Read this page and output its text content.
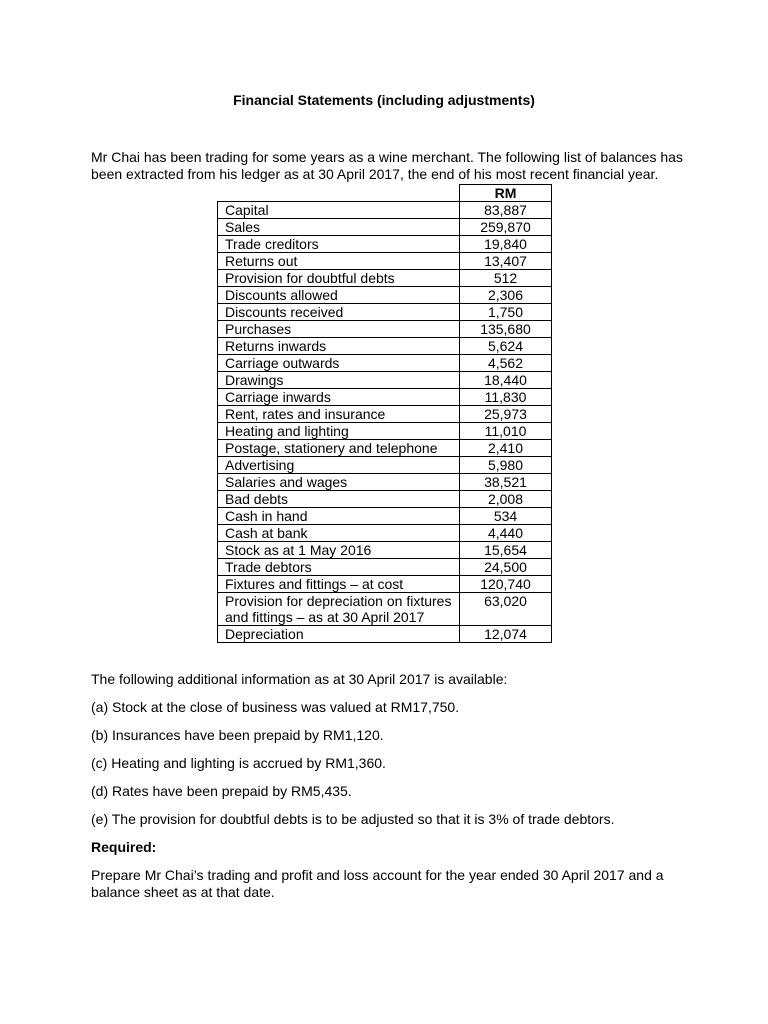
Financial Statements (including adjustments)

Mr Chai has been trading for some years as a wine merchant. The following list of balances has been extracted from his ledger as at 30 April 2017, the end of his most recent financial year.

	RM
Capital	83,887
Sales	259,870
Trade creditors	19,840
Returns out	13,407
Provision for doubtful debts	512
Discounts allowed	2,306
Discounts received	1,750
Purchases	135,680
Returns inwards	5,624
Carriage outwards	4,562
Drawings	18,440
Carriage inwards	11,830
Rent, rates and insurance	25,973
Heating and lighting	11,010
Postage, stationery and telephone	2,410
Advertising	5,980
Salaries and wages	38,521
Bad debts	2,008
Cash in hand	534
Cash at bank	4,440
Stock as at 1 May 2016	15,654
Trade debtors	24,500
Fixtures and fittings – at cost	120,740
Provision for depreciation on fixtures and fittings – as at 30 April 2017	63,020
Depreciation	12,074

The following additional information as at 30 April 2017 is available:

(a) Stock at the close of business was valued at RM17,750.

(b) Insurances have been prepaid by RM1,120.

(c) Heating and lighting is accrued by RM1,360.

(d) Rates have been prepaid by RM5,435.

(e) The provision for doubtful debts is to be adjusted so that it is 3% of trade debtors.

Required:

Prepare Mr Chai’s trading and profit and loss account for the year ended 30 April 2017 and a balance sheet as at that date.
